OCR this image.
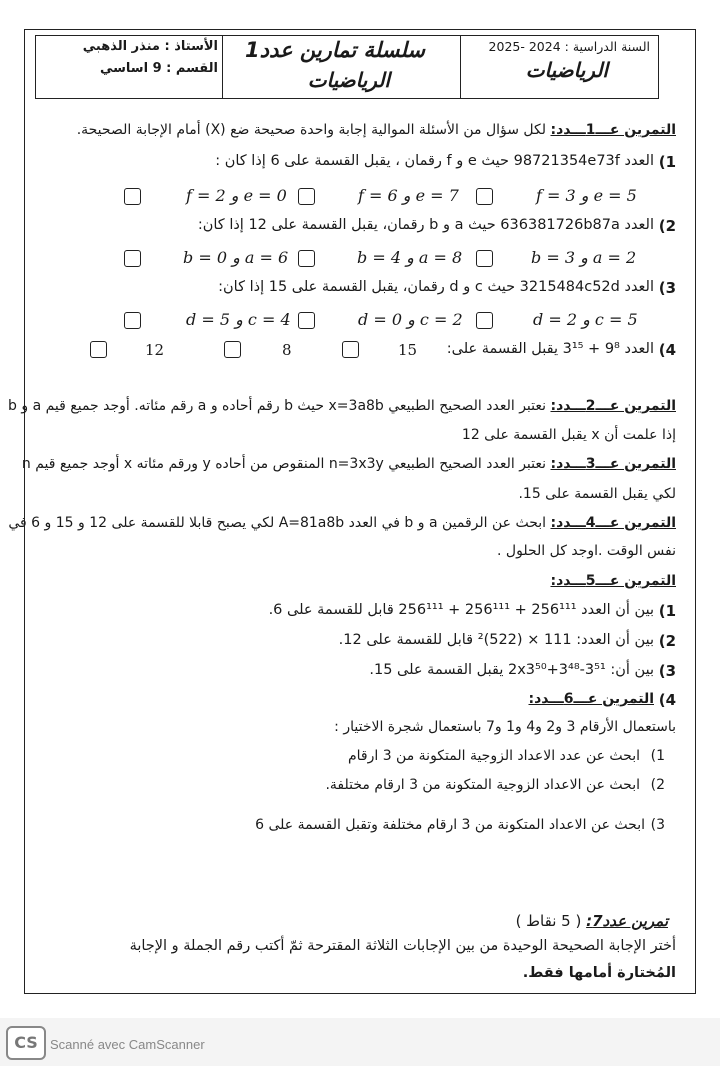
السنة الدراسية : 2024 -2025
الرياضيات
سلسلة تمارين عدد1
الرياضيات
الأستاذ : منذر الذهبي
القسم : 9 اساسي
التمرين عـــ1ـــدد: لكل سؤال من الأسئلة الموالية إجابة واحدة صحيحة ضع (X) أمام الإجابة الصحيحة.
1)
العدد 98721354e73f حيث e و f رقمان ، يقبل القسمة على 6 إذا كان :
f = 3 و e = 5
f = 6 و e = 7
f = 2 و e = 0
2)
العدد 636381726b87a حيث a و b رقمان، يقبل القسمة على 12 إذا كان:
b = 3 و a = 2
b = 4 و a = 8
b = 0 و a = 6
3)
العدد 3215484c52d حيث c و d رقمان، يقبل القسمة على 15 إذا كان:
d = 2 و c = 5
d = 0 و c = 2
d = 5 و c = 4
4)
العدد 9⁸ + 3¹⁵ يقبل القسمة على:
15
8
12
التمرين عـــ2ـــدد: نعتبر العدد الصحيح الطبيعي x=3a8b حيث b رقم أحاده و a رقم مئاته. أوجد جميع قيم a و b
إذا علمت أن x يقبل القسمة على 12
التمرين عـــ3ـــدد: نعتبر العدد الصحيح الطبيعي n=3x3y المنقوص من أحاده y ورقم مئاته x أوجد جميع قيم n
لكي يقبل القسمة على 15.
التمرين عـــ4ـــدد: ابحث عن الرقمين a و b في العدد A=81a8b لكي يصبح قابلا للقسمة على 12 و 15 و 6 في
نفس الوقت .اوجد كل الحلول .
التمرين عـــ5ـــدد:
1)
بين أن العدد 256¹¹¹ + 256¹¹¹ + 256¹¹¹ قابل للقسمة على 6.
2)
بين أن العدد: 111 × (522)² قابل للقسمة على 12.
3)
بين أن: 3⁵¹-2x3⁵⁰+3⁴⁸ يقبل القسمة على 15.
4)
التمرين عـــ6ـــدد:
باستعمال الأرقام 3 و2 و4 و1 و7 باستعمال شجرة الاختيار :
1)
ابحث عن عدد الاعداد الزوجية المتكونة من 3 ارقام
2)
ابحث عن الاعداد الزوجية المتكونة من 3 ارقام مختلفة.
3)
ابحث عن الاعداد المتكونة من 3 ارقام مختلفة وتقبل القسمة على 6
تمرين عدد7: ( 5 نقاط )
أختر الإجابة الصحيحة الوحيدة من بين الإجابات الثلاثة المقترحة ثمّ أكتب رقم الجملة و الإجابة
المُختارة أمامها فقط.
CS Scanné avec CamScanner
